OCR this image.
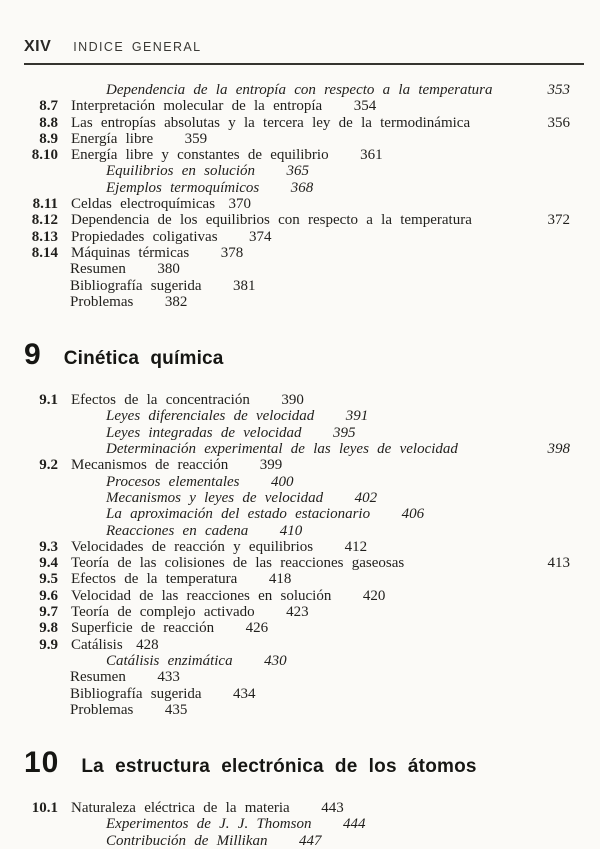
XIV INDICE GENERAL
Dependencia de la entropía con respecto a la temperatura	353
8.7 Interpretación molecular de la entropía 354
8.8 Las entropías absolutas y la tercera ley de la termodinámica	356
8.9 Energía libre 359
8.10 Energía libre y constantes de equilibrio 361
Equilibrios en solución 365
Ejemplos termoquímicos 368
8.11 Celdas electroquímicas 370
8.12 Dependencia de los equilibrios con respecto a la temperatura	372
8.13 Propiedades coligativas 374
8.14 Máquinas térmicas 378
Resumen 380
Bibliografía sugerida 381
Problemas 382
9 Cinética química
9.1 Efectos de la concentración 390
Leyes diferenciales de velocidad 391
Leyes integradas de velocidad 395
Determinación experimental de las leyes de velocidad	398
9.2 Mecanismos de reacción 399
Procesos elementales 400
Mecanismos y leyes de velocidad 402
La aproximación del estado estacionario 406
Reacciones en cadena 410
9.3 Velocidades de reacción y equilibrios 412
9.4 Teoría de las colisiones de las reacciones gaseosas	413
9.5 Efectos de la temperatura 418
9.6 Velocidad de las reacciones en solución 420
9.7 Teoría de complejo activado 423
9.8 Superficie de reacción 426
9.9 Catálisis 428
Catálisis enzimática 430
Resumen 433
Bibliografía sugerida 434
Problemas 435
10 La estructura electrónica de los átomos
10.1 Naturaleza eléctrica de la materia 443
Experimentos de J. J. Thomson 444
Contribución de Millikan 447
